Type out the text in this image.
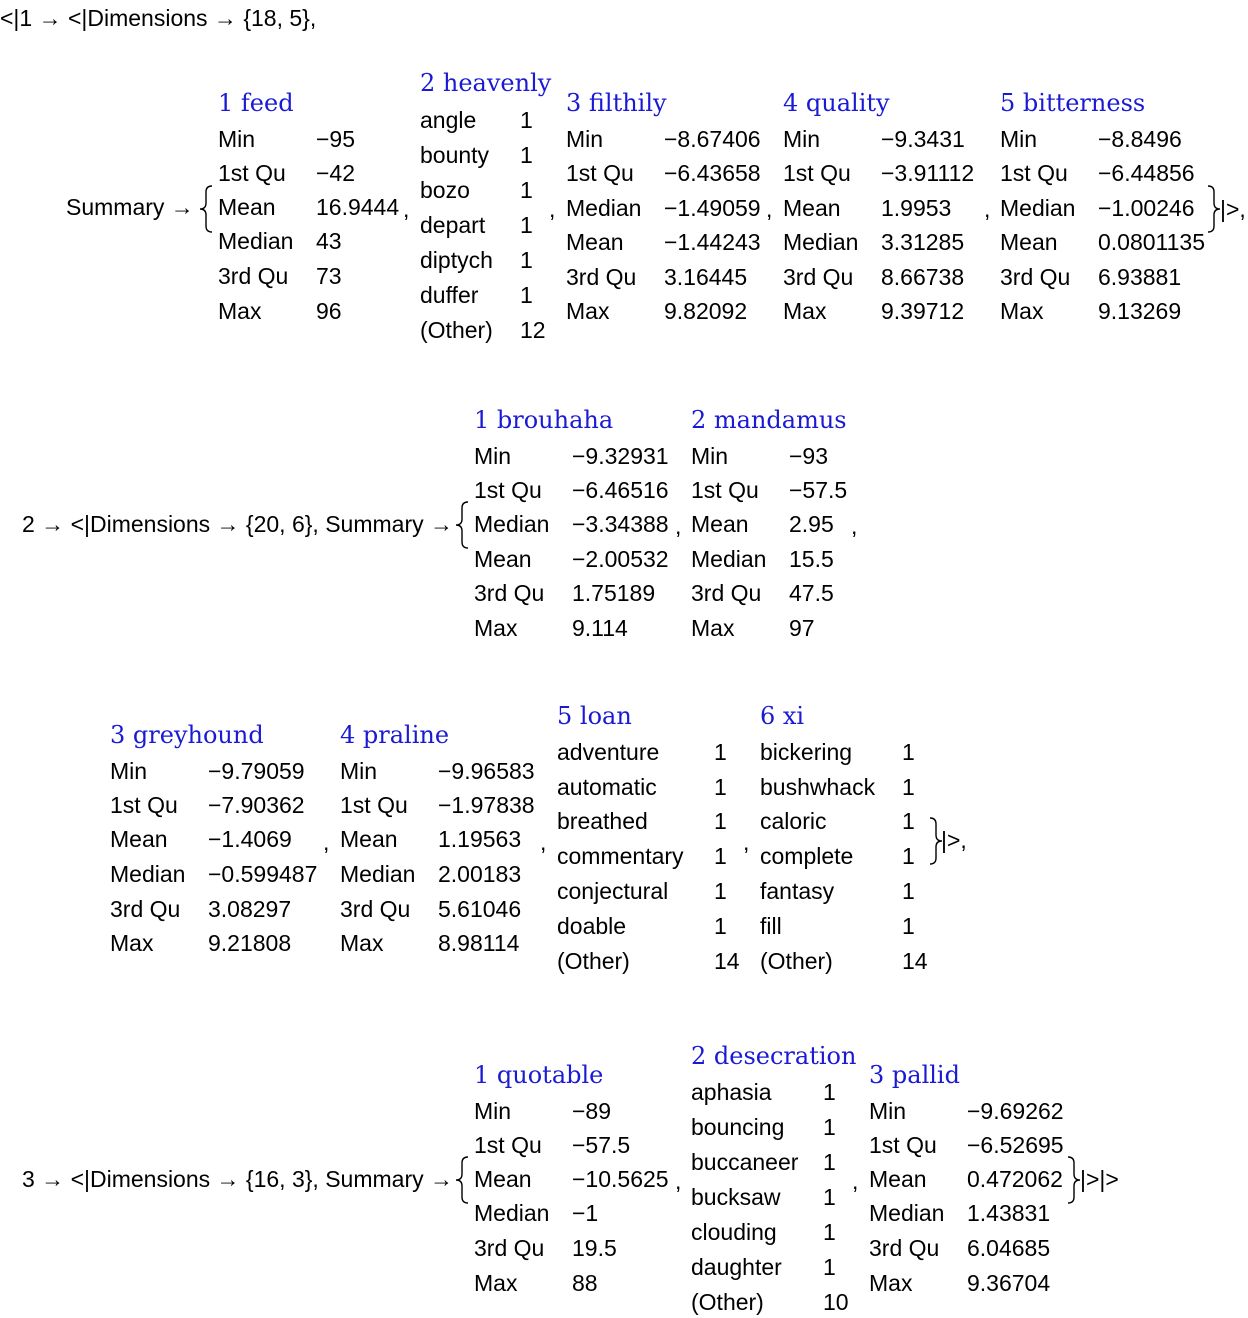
<|1 → <|Dimensions → {18, 5},
Summary →
1 feed
Min	−95
1st Qu −42
Mean 16.9444
Median 43
3rd Qu 73
Max 96
,
2 heavenly
angle 1
bounty 1
bozo 1
depart 1
diptych 1
duffer 1
(Other) 12
,
3 filthily
Min	−8.67406
1st Qu −6.43658
Median −1.49059
Mean −1.44243
3rd Qu 3.16445
Max 9.82092
,
4 quality
Min	−9.3431
1st Qu −3.91112
Mean 1.9953
Median 3.31285
3rd Qu 8.66738
Max 9.39712
,
5 bitterness
Min	−8.8496
1st Qu −6.44856
Median −1.00246
Mean 0.0801135
3rd Qu 6.93881
Max 9.13269
|>,
2 → <|Dimensions → {20, 6}, Summary →
1 brouhaha
Min	−9.32931
1st Qu −6.46516
Median −3.34388
Mean −2.00532
3rd Qu 1.75189
Max 9.114
,
2 mandamus
Min	−93
1st Qu −57.5
Mean 2.95
Median 15.5
3rd Qu 47.5
Max 97
,
3 greyhound
Min	−9.79059
1st Qu −7.90362
Mean −1.4069
Median −0.599487
3rd Qu 3.08297
Max 9.21808
,
4 praline
Min	−9.96583
1st Qu −1.97838
Mean 1.19563
Median 2.00183
3rd Qu 5.61046
Max 8.98114
,
5 loan
adventure 1
automatic 1
breathed	1
commentary 1
conjectural 1
doable	1
(Other)	14
,
6 xi
bickering 1
bushwhack 1
caloric	1
complete 1
fantasy	1
fill	1
(Other)	14
|>,
3 → <|Dimensions → {16, 3}, Summary →
1 quotable
Min	−89
1st Qu −57.5
Mean −10.5625
Median −1
3rd Qu 19.5
Max 88
,
2 desecration
aphasia 1
bouncing 1
buccaneer 1
bucksaw 1
clouding 1
daughter 1
(Other)	10
,
3 pallid
Min	−9.69262
1st Qu −6.52695
Mean 0.472062
Median 1.43831
3rd Qu 6.04685
Max 9.36704
|>|>
